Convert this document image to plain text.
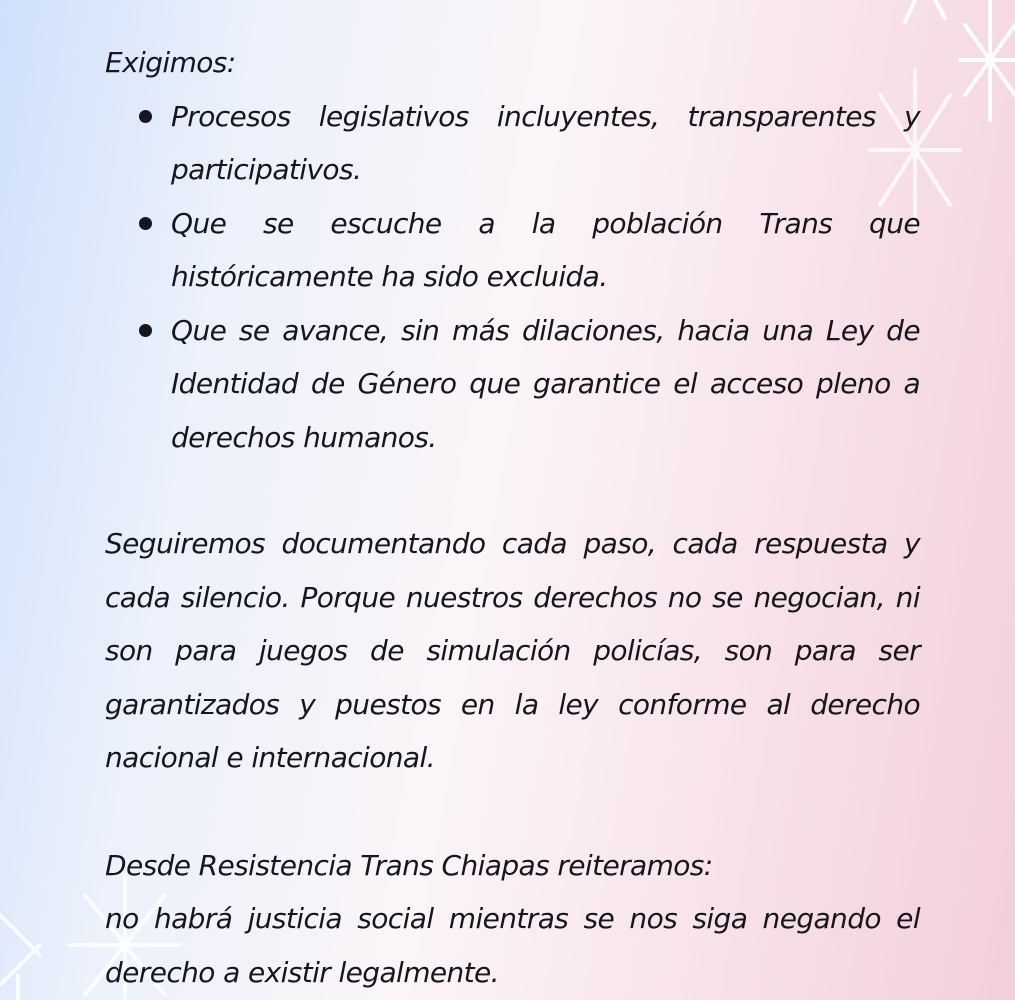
Exigimos:

Procesos legislativos incluyentes, transparentes y participativos.
Que se escuche a la población Trans que históricamente ha sido excluida.
Que se avance, sin más dilaciones, hacia una Ley de Identidad de Género que garantice el acceso pleno a derechos humanos.

Seguiremos documentando cada paso, cada respuesta y cada silencio. Porque nuestros derechos no se negocian, ni son para juegos de simulación policías, son para ser garantizados y puestos en la ley conforme al derecho nacional e internacional.

Desde Resistencia Trans Chiapas reiteramos:

no habrá justicia social mientras se nos siga negando el derecho a existir legalmente.
